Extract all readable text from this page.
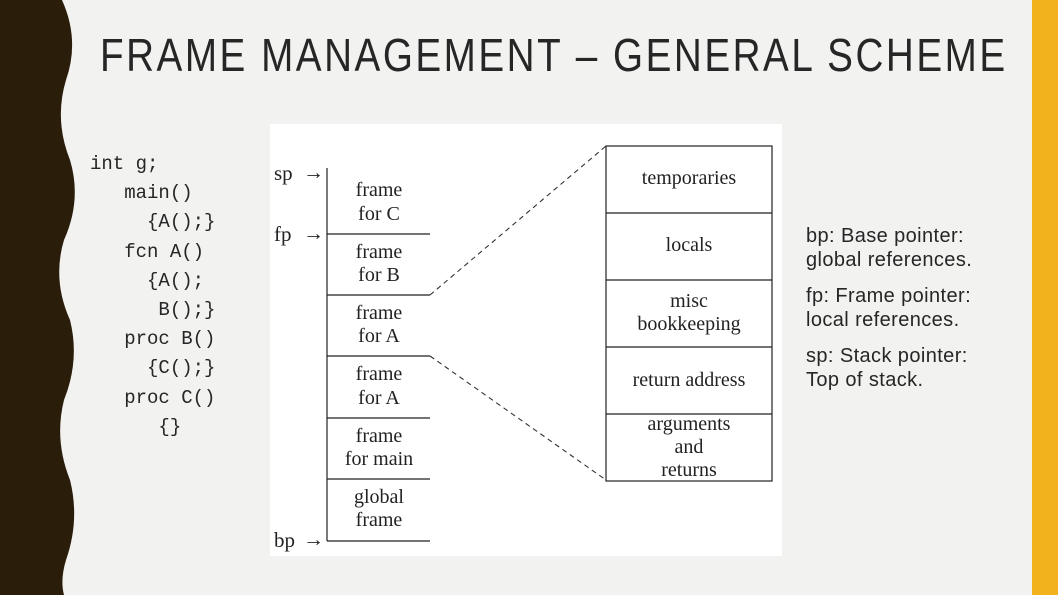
FRAME MANAGEMENT – GENERAL SCHEME
int g;
main()
{A();}
fcn A()
{A();
B();}
proc B()
{C();}
proc C()
{}
sp →
fp →
bp →
frame
for C
frame
for B
frame
for A
frame
for A
frame
for main
global
frame
temporaries
locals
misc
bookkeeping
return address
arguments
and
returns
bp: Base pointer:
global references.
fp: Frame pointer:
local references.
sp: Stack pointer:
Top of stack.
